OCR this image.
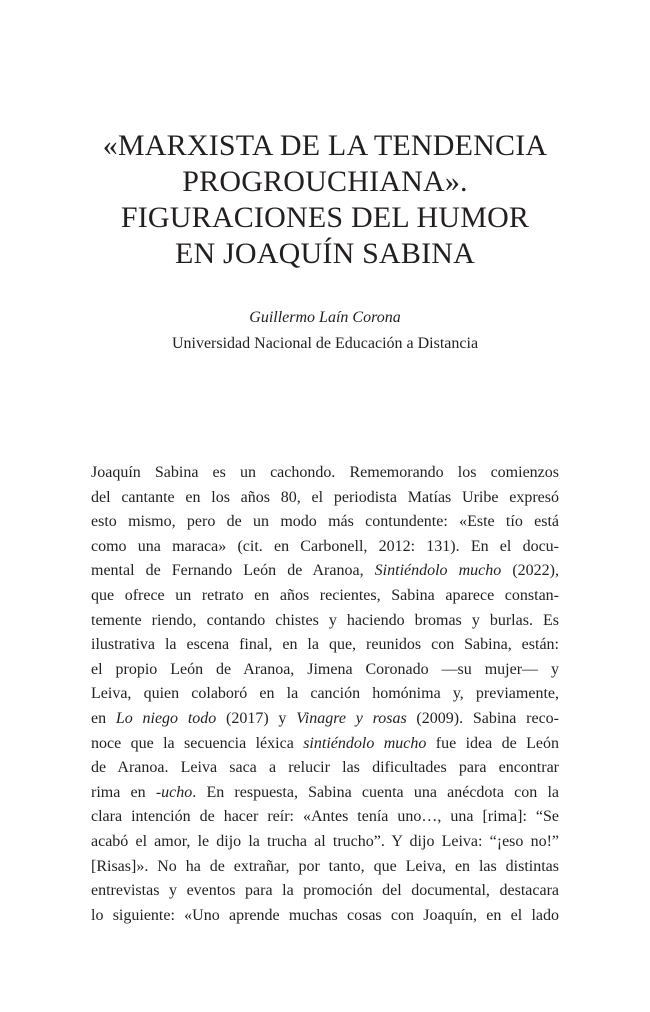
«MARXISTA DE LA TENDENCIA
PROGROUCHIANA».
FIGURACIONES DEL HUMOR
EN JOAQUÍN SABINA
Guillermo Laín Corona
Universidad Nacional de Educación a Distancia
Joaquín Sabina es un cachondo. Rememorando los comienzos
del cantante en los años 80, el periodista Matías Uribe expresó
esto mismo, pero de un modo más contundente: «Este tío está
como una maraca» (cit. en Carbonell, 2012: 131). En el docu-
mental de Fernando León de Aranoa, Sintiéndolo mucho (2022),
que ofrece un retrato en años recientes, Sabina aparece constan-
temente riendo, contando chistes y haciendo bromas y burlas. Es
ilustrativa la escena final, en la que, reunidos con Sabina, están:
el propio León de Aranoa, Jimena Coronado —su mujer— y
Leiva, quien colaboró en la canción homónima y, previamente,
en Lo niego todo (2017) y Vinagre y rosas (2009). Sabina reco-
noce que la secuencia léxica sintiéndolo mucho fue idea de León
de Aranoa. Leiva saca a relucir las dificultades para encontrar
rima en -ucho. En respuesta, Sabina cuenta una anécdota con la
clara intención de hacer reír: «Antes tenía uno…, una [rima]: “Se
acabó el amor, le dijo la trucha al trucho”. Y dijo Leiva: “¡eso no!”
[Risas]». No ha de extrañar, por tanto, que Leiva, en las distintas
entrevistas y eventos para la promoción del documental, destacara
lo siguiente: «Uno aprende muchas cosas con Joaquín, en el lado
